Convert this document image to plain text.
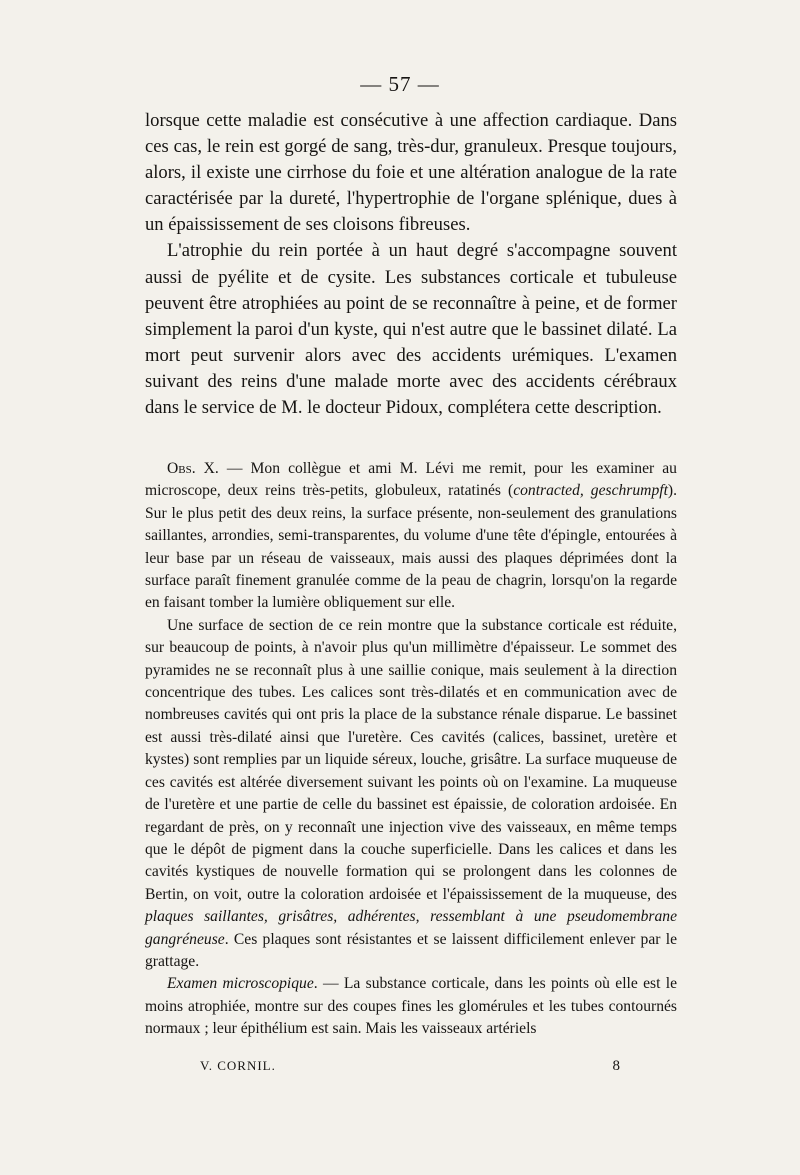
— 57 —

lorsque cette maladie est consécutive à une affection cardiaque. Dans ces cas, le rein est gorgé de sang, très-dur, granuleux. Presque toujours, alors, il existe une cirrhose du foie et une altération analogue de la rate caractérisée par la dureté, l'hypertrophie de l'organe splénique, dues à un épaississement de ses cloisons fibreuses.

L'atrophie du rein portée à un haut degré s'accompagne souvent aussi de pyélite et de cysite. Les substances corticale et tubuleuse peuvent être atrophiées au point de se reconnaître à peine, et de former simplement la paroi d'un kyste, qui n'est autre que le bassinet dilaté. La mort peut survenir alors avec des accidents urémiques. L'examen suivant des reins d'une malade morte avec des accidents cérébraux dans le service de M. le docteur Pidoux, complétera cette description.

Obs. X. — Mon collègue et ami M. Lévi me remit, pour les examiner au microscope, deux reins très-petits, globuleux, ratatinés (contracted, geschrumpft). Sur le plus petit des deux reins, la surface présente, non-seulement des granulations saillantes, arrondies, semi-transparentes, du volume d'une tête d'épingle, entourées à leur base par un réseau de vaisseaux, mais aussi des plaques déprimées dont la surface paraît finement granulée comme de la peau de chagrin, lorsqu'on la regarde en faisant tomber la lumière obliquement sur elle.

Une surface de section de ce rein montre que la substance corticale est réduite, sur beaucoup de points, à n'avoir plus qu'un millimètre d'épaisseur. Le sommet des pyramides ne se reconnaît plus à une saillie conique, mais seulement à la direction concentrique des tubes. Les calices sont très-dilatés et en communication avec de nombreuses cavités qui ont pris la place de la substance rénale disparue. Le bassinet est aussi très-dilaté ainsi que l'uretère. Ces cavités (calices, bassinet, uretère et kystes) sont remplies par un liquide séreux, louche, grisâtre. La surface muqueuse de ces cavités est altérée diversement suivant les points où on l'examine. La muqueuse de l'uretère et une partie de celle du bassinet est épaissie, de coloration ardoisée. En regardant de près, on y reconnaît une injection vive des vaisseaux, en même temps que le dépôt de pigment dans la couche superficielle. Dans les calices et dans les cavités kystiques de nouvelle formation qui se prolongent dans les colonnes de Bertin, on voit, outre la coloration ardoisée et l'épaississement de la muqueuse, des plaques saillantes, grisâtres, adhérentes, ressemblant à une pseudomembrane gangréneuse. Ces plaques sont résistantes et se laissent difficilement enlever par le grattage.

Examen microscopique. — La substance corticale, dans les points où elle est le moins atrophiée, montre sur des coupes fines les glomérules et les tubes contournés normaux ; leur épithélium est sain. Mais les vaisseaux artériels

V. CORNIL.	8
